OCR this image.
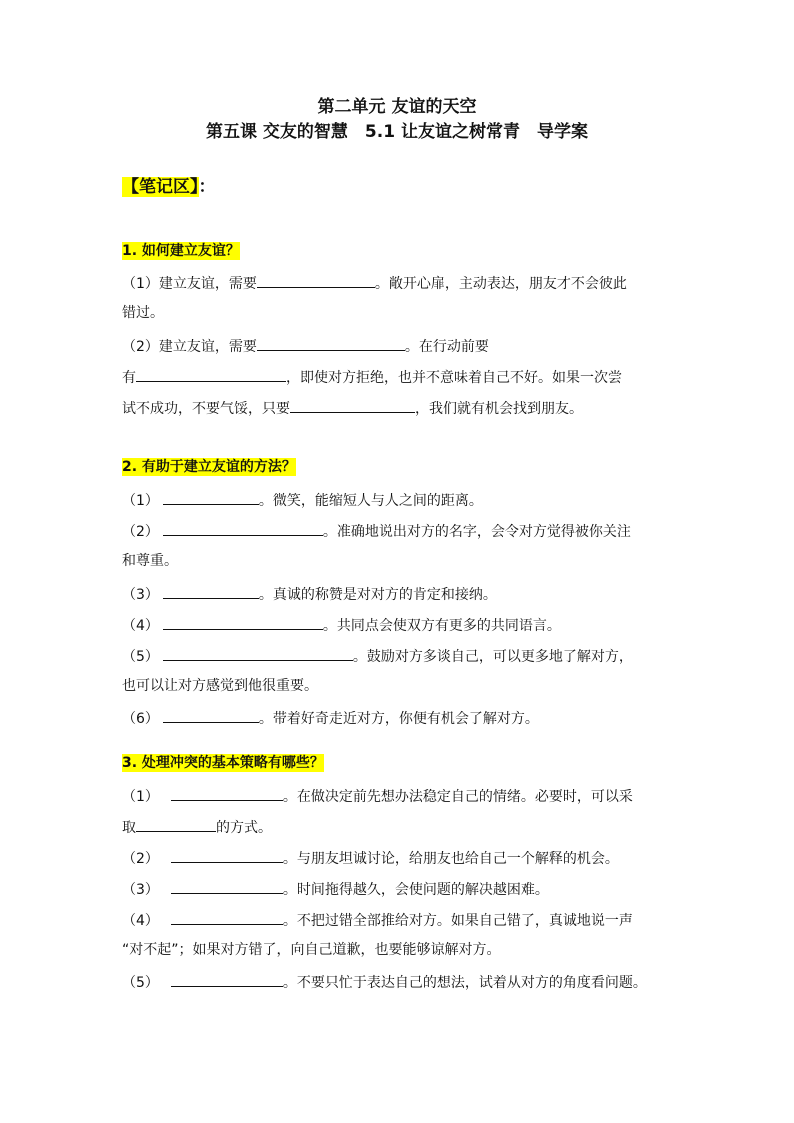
第二单元 友谊的天空
第五课 交友的智慧　5.1 让友谊之树常青　导学案
【笔记区】：
1. 如何建立友谊？
（1）建立友谊，需要	。敞开心扉，主动表达，朋友才不会彼此
错过。
（2）建立友谊，需要	。在行动前要
有	，即使对方拒绝，也并不意味着自己不好。如果一次尝
试不成功，不要气馁，只要	，我们就有机会找到朋友。
2. 有助于建立友谊的方法？
（1）	。微笑，能缩短人与人之间的距离。
（2）	。准确地说出对方的名字，会令对方觉得被你关注
和尊重。
（3）	。真诚的称赞是对对方的肯定和接纳。
（4）	。共同点会使双方有更多的共同语言。
（5）	。鼓励对方多谈自己，可以更多地了解对方，
也可以让对方感觉到他很重要。
（6）	。带着好奇走近对方，你便有机会了解对方。
3. 处理冲突的基本策略有哪些？
（1）	。在做决定前先想办法稳定自己的情绪。必要时，可以采
取	的方式。
（2）	。与朋友坦诚讨论，给朋友也给自己一个解释的机会。
（3）	。时间拖得越久，会使问题的解决越困难。
（4）	。不把过错全部推给对方。如果自己错了，真诚地说一声
“对不起”；如果对方错了，向自己道歉，也要能够谅解对方。
（5）	。不要只忙于表达自己的想法，试着从对方的角度看问题。
